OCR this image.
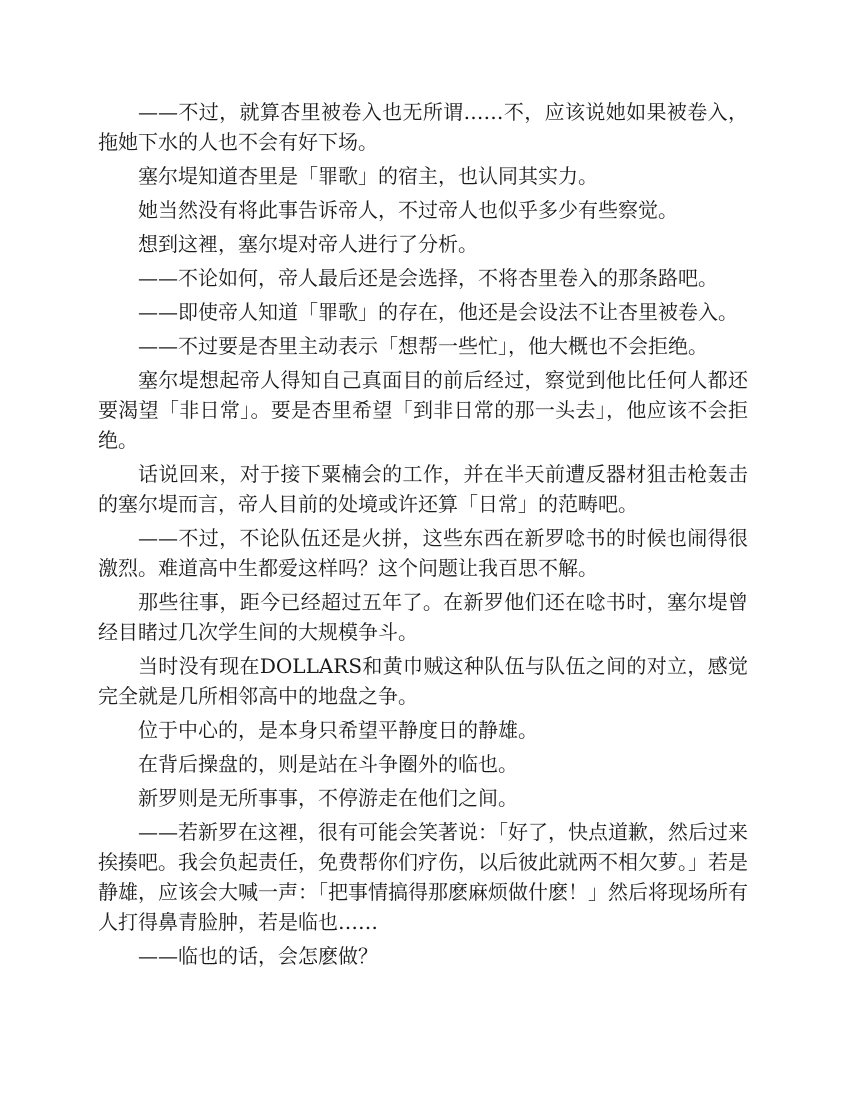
——不过，就算杏里被卷入也无所谓……不，应该说她如果被卷入，拖她下水的人也不会有好下场。

塞尔堤知道杏里是「罪歌」的宿主，也认同其实力。

她当然没有将此事告诉帝人，不过帝人也似乎多少有些察觉。

想到这裡，塞尔堤对帝人进行了分析。

——不论如何，帝人最后还是会选择，不将杏里卷入的那条路吧。

——即使帝人知道「罪歌」的存在，他还是会设法不让杏里被卷入。

——不过要是杏里主动表示「想帮一些忙」，他大概也不会拒绝。

塞尔堤想起帝人得知自己真面目的前后经过，察觉到他比任何人都还要渴望「非日常」。要是杏里希望「到非日常的那一头去」，他应该不会拒绝。

话说回来，对于接下粟楠会的工作，并在半天前遭反器材狙击枪轰击的塞尔堤而言，帝人目前的处境或许还算「日常」的范畴吧。

——不过，不论队伍还是火拼，这些东西在新罗唸书的时候也闹得很激烈。难道高中生都爱这样吗？这个问题让我百思不解。

那些往事，距今已经超过五年了。在新罗他们还在唸书时，塞尔堤曾经目睹过几次学生间的大规模争斗。

当时没有现在DOLLARS和黄巾贼这种队伍与队伍之间的对立，感觉完全就是几所相邻高中的地盘之争。

位于中心的，是本身只希望平静度日的静雄。

在背后操盘的，则是站在斗争圈外的临也。

新罗则是无所事事，不停游走在他们之间。

——若新罗在这裡，很有可能会笑著说：「好了，快点道歉，然后过来挨揍吧。我会负起责任，免费帮你们疗伤，以后彼此就两不相欠萝。」若是静雄，应该会大喊一声：「把事情搞得那麽麻烦做什麽！」然后将现场所有人打得鼻青脸肿，若是临也……

——临也的话，会怎麽做？
